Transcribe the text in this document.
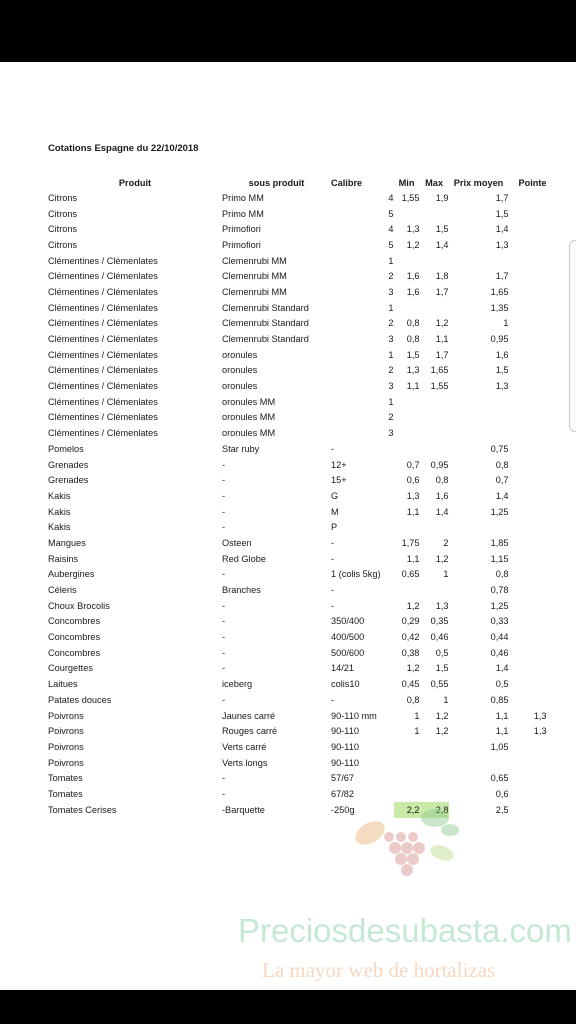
Cotations Espagne du 22/10/2018
Produit	sous produit	Calibre		Min	Max	Prix moyen	Pointe
Citrons	Primo MM		4	1,55	1,9	1,7	
Citrons	Primo MM		5			1,5	
Citrons	Primofiori		4	1,3	1,5	1,4	
Citrons	Primofiori		5	1,2	1,4	1,3	
Clémentines / Clémenlates	Clemenrubi MM		1				
Clémentines / Clémenlates	Clemenrubi MM		2	1,6	1,8	1,7	
Clémentines / Clémenlates	Clemenrubi MM		3	1,6	1,7	1,65	
Clémentines / Clémenlates	Clemenrubi Standard		1			1,35	
Clémentines / Clémenlates	Clemenrubi Standard		2	0,8	1,2	1	
Clémentines / Clémenlates	Clemenrubi Standard		3	0,8	1,1	0,95	
Clémentines / Clémenlates	oronules		1	1,5	1,7	1,6	
Clémentines / Clémenlates	oronules		2	1,3	1,65	1,5	
Clémentines / Clémenlates	oronules		3	1,1	1,55	1,3	
Clémentines / Clémenlates	oronules MM		1				
Clémentines / Clémenlates	oronules MM		2				
Clémentines / Clémenlates	oronules MM		3				
Pomelos	Star ruby	-				0,75	
Grenades	-	12+		0,7	0,95	0,8	
Grenades	-	15+		0,6	0,8	0,7	
Kakis	-	G		1,3	1,6	1,4	
Kakis	-	M		1,1	1,4	1,25	
Kakis	-	P					
Mangues	Osteen	-		1,75	2	1,85	
Raisins	Red Globe	-		1,1	1,2	1,15	
Aubergines	-	1 (colis 5kg)		0,65	1	0,8	
Céleris	Branches	-				0,78	
Choux Brocolis	-	-		1,2	1,3	1,25	
Concombres	-	350/400		0,29	0,35	0,33	
Concombres	-	400/500		0,42	0,46	0,44	
Concombres	-	500/600		0,38	0,5	0,46	
Courgettes	-	14/21		1,2	1,5	1,4	
Laitues	iceberg	colis10		0,45	0,55	0,5	
Patates douces	-	-		0,8	1	0,85	
Poivrons	Jaunes carré	90-110 mm		1	1,2	1,1	1,3
Poivrons	Rouges carré	90-110		1	1,2	1,1	1,3
Poivrons	Verts carré	90-110				1,05	
Poivrons	Verts longs	90-110					
Tomates	-	57/67				0,65	
Tomates	-	67/82				0,6	
Tomates Cerises	-Barquette	-250g		2,2	2,8	2,5	
Preciosdesubasta.com
La mayor web de hortalizas
